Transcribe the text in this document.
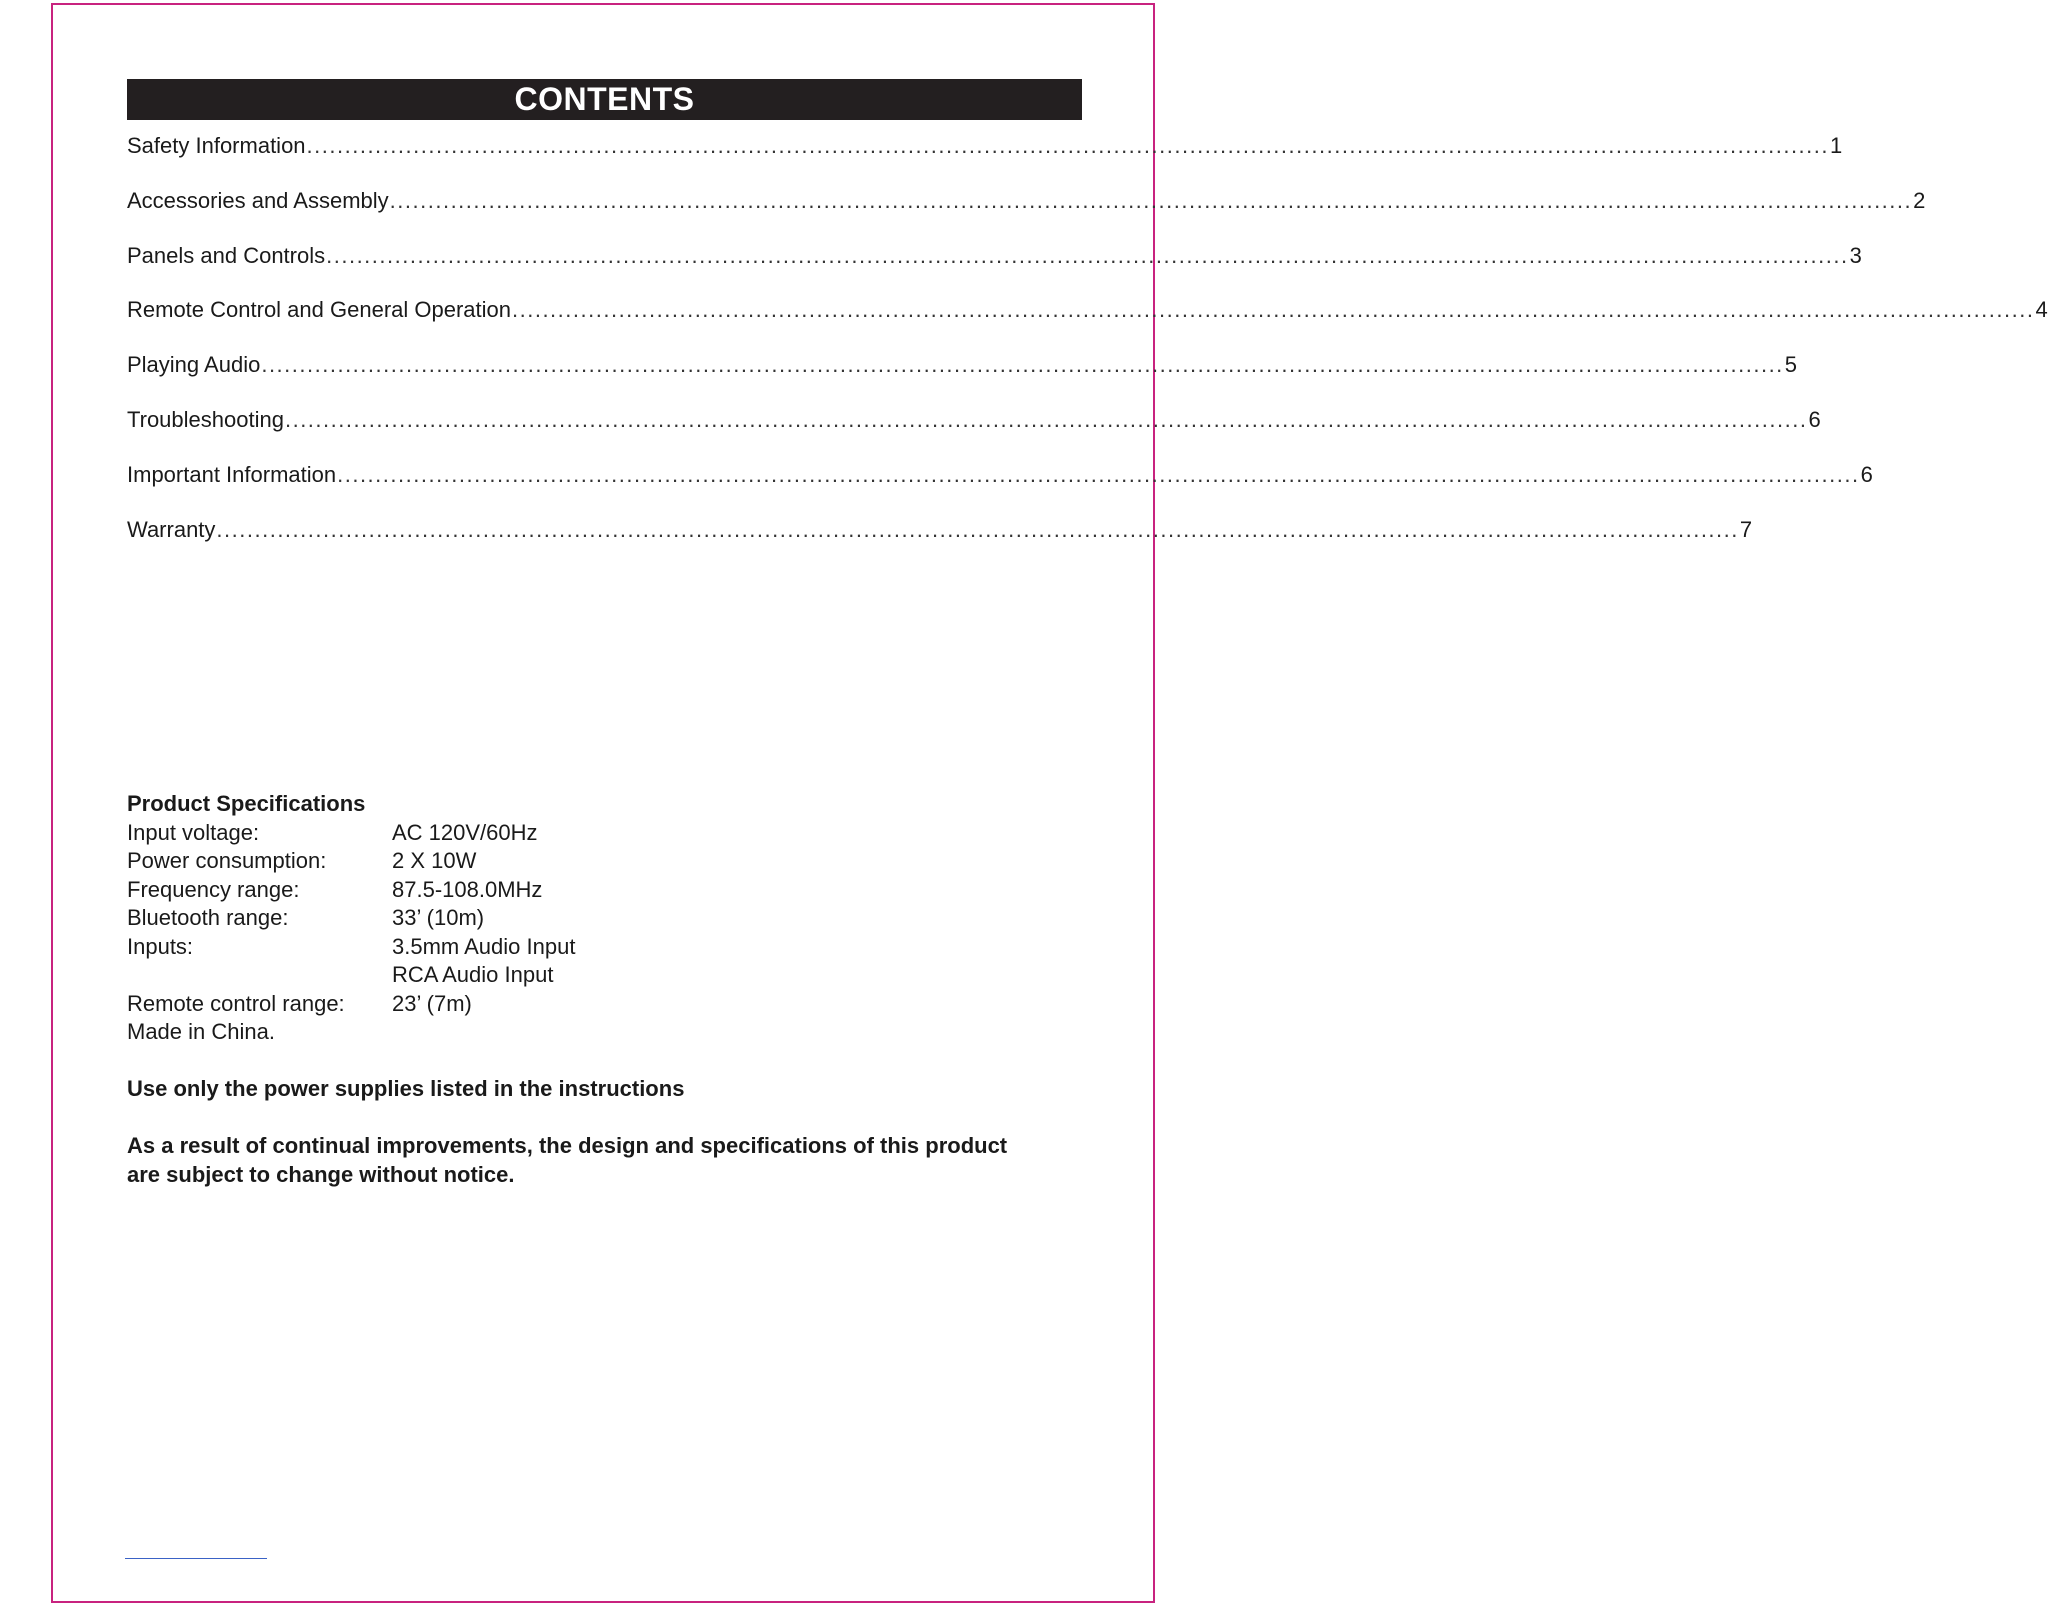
CONTENTS
Safety Information ........................................................................................................................................................................................................ 1
Accessories and Assembly ........................................................................................................................................................................................................ 2
Panels and Controls ........................................................................................................................................................................................................ 3
Remote Control and General Operation ........................................................................................................................................................................................................ 4
Playing Audio ........................................................................................................................................................................................................ 5
Troubleshooting ........................................................................................................................................................................................................ 6
Important Information ........................................................................................................................................................................................................ 6
Warranty ........................................................................................................................................................................................................ 7
Product Specifications
Input voltage:	AC 120V/60Hz
Power consumption:	2 X 10W
Frequency range:	87.5-108.0MHz
Bluetooth range:	33’ (10m)
Inputs:	3.5mm Audio Input
RCA Audio Input
Remote control range:	23’ (7m)
Made in China.
Use only the power supplies listed in the instructions
As a result of continual improvements, the design and specifications of this product are subject to change without notice.
